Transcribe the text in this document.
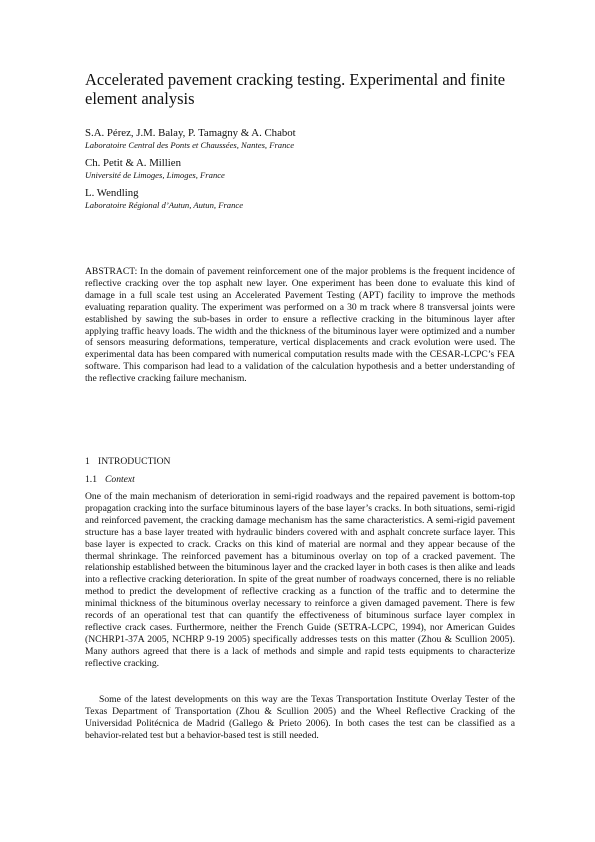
Accelerated pavement cracking testing. Experimental and finite element analysis
S.A. Pérez, J.M. Balay, P. Tamagny & A. Chabot
Laboratoire Central des Ponts et Chaussées, Nantes, France
Ch. Petit & A. Millien
Université de Limoges, Limoges, France
L. Wendling
Laboratoire Régional d’Autun, Autun, France

ABSTRACT: In the domain of pavement reinforcement one of the major problems is the frequent incidence of reflective cracking over the top asphalt new layer. One experiment has been done to evaluate this kind of damage in a full scale test using an Accelerated Pavement Testing (APT) facility to improve the methods evaluating reparation quality. The experiment was performed on a 30 m track where 8 transversal joints were established by sawing the sub-bases in order to ensure a reflective cracking in the bituminous layer after applying traffic heavy loads. The width and the thickness of the bituminous layer were optimized and a number of sensors measuring deformations, temperature, vertical displacements and crack evolution were used. The experimental data has been compared with numerical computation results made with the CESAR-LCPC’s FEA software. This comparison had lead to a validation of the calculation hypothesis and a better understanding of the reflective cracking failure mechanism.

1 INTRODUCTION
1.1 Context

One of the main mechanism of deterioration in semi-rigid roadways and the repaired pavement is bottom-top propagation cracking into the surface bituminous layers of the base layer’s cracks. In both situations, semi-rigid and reinforced pavement, the cracking damage mechanism has the same characteristics. A semi-rigid pavement structure has a base layer treated with hydraulic binders covered with and asphalt concrete surface layer. This base layer is expected to crack. Cracks on this kind of material are normal and they appear because of the thermal shrinkage. The reinforced pavement has a bituminous overlay on top of a cracked pavement. The relationship established between the bituminous layer and the cracked layer in both cases is then alike and leads into a reflective cracking deterioration. In spite of the great number of roadways concerned, there is no reliable method to predict the development of reflective cracking as a function of the traffic and to determine the minimal thickness of the bituminous overlay necessary to reinforce a given damaged pavement. There is few records of an operational test that can quantify the effectiveness of bituminous surface layer complex in reflective crack cases. Furthermore, neither the French Guide (SETRA-LCPC, 1994), nor American Guides (NCHRP1-37A 2005, NCHRP 9-19 2005) specifically addresses tests on this matter (Zhou & Scullion 2005). Many authors agreed that there is a lack of methods and simple and rapid tests equipments to characterize reflective cracking.

Some of the latest developments on this way are the Texas Transportation Institute Overlay Tester of the Texas Department of Transportation (Zhou & Scullion 2005) and the Wheel Reflective Cracking of the Universidad Politécnica de Madrid (Gallego & Prieto 2006). In both cases the test can be classified as a behavior-related test but a behavior-based test is still needed.
